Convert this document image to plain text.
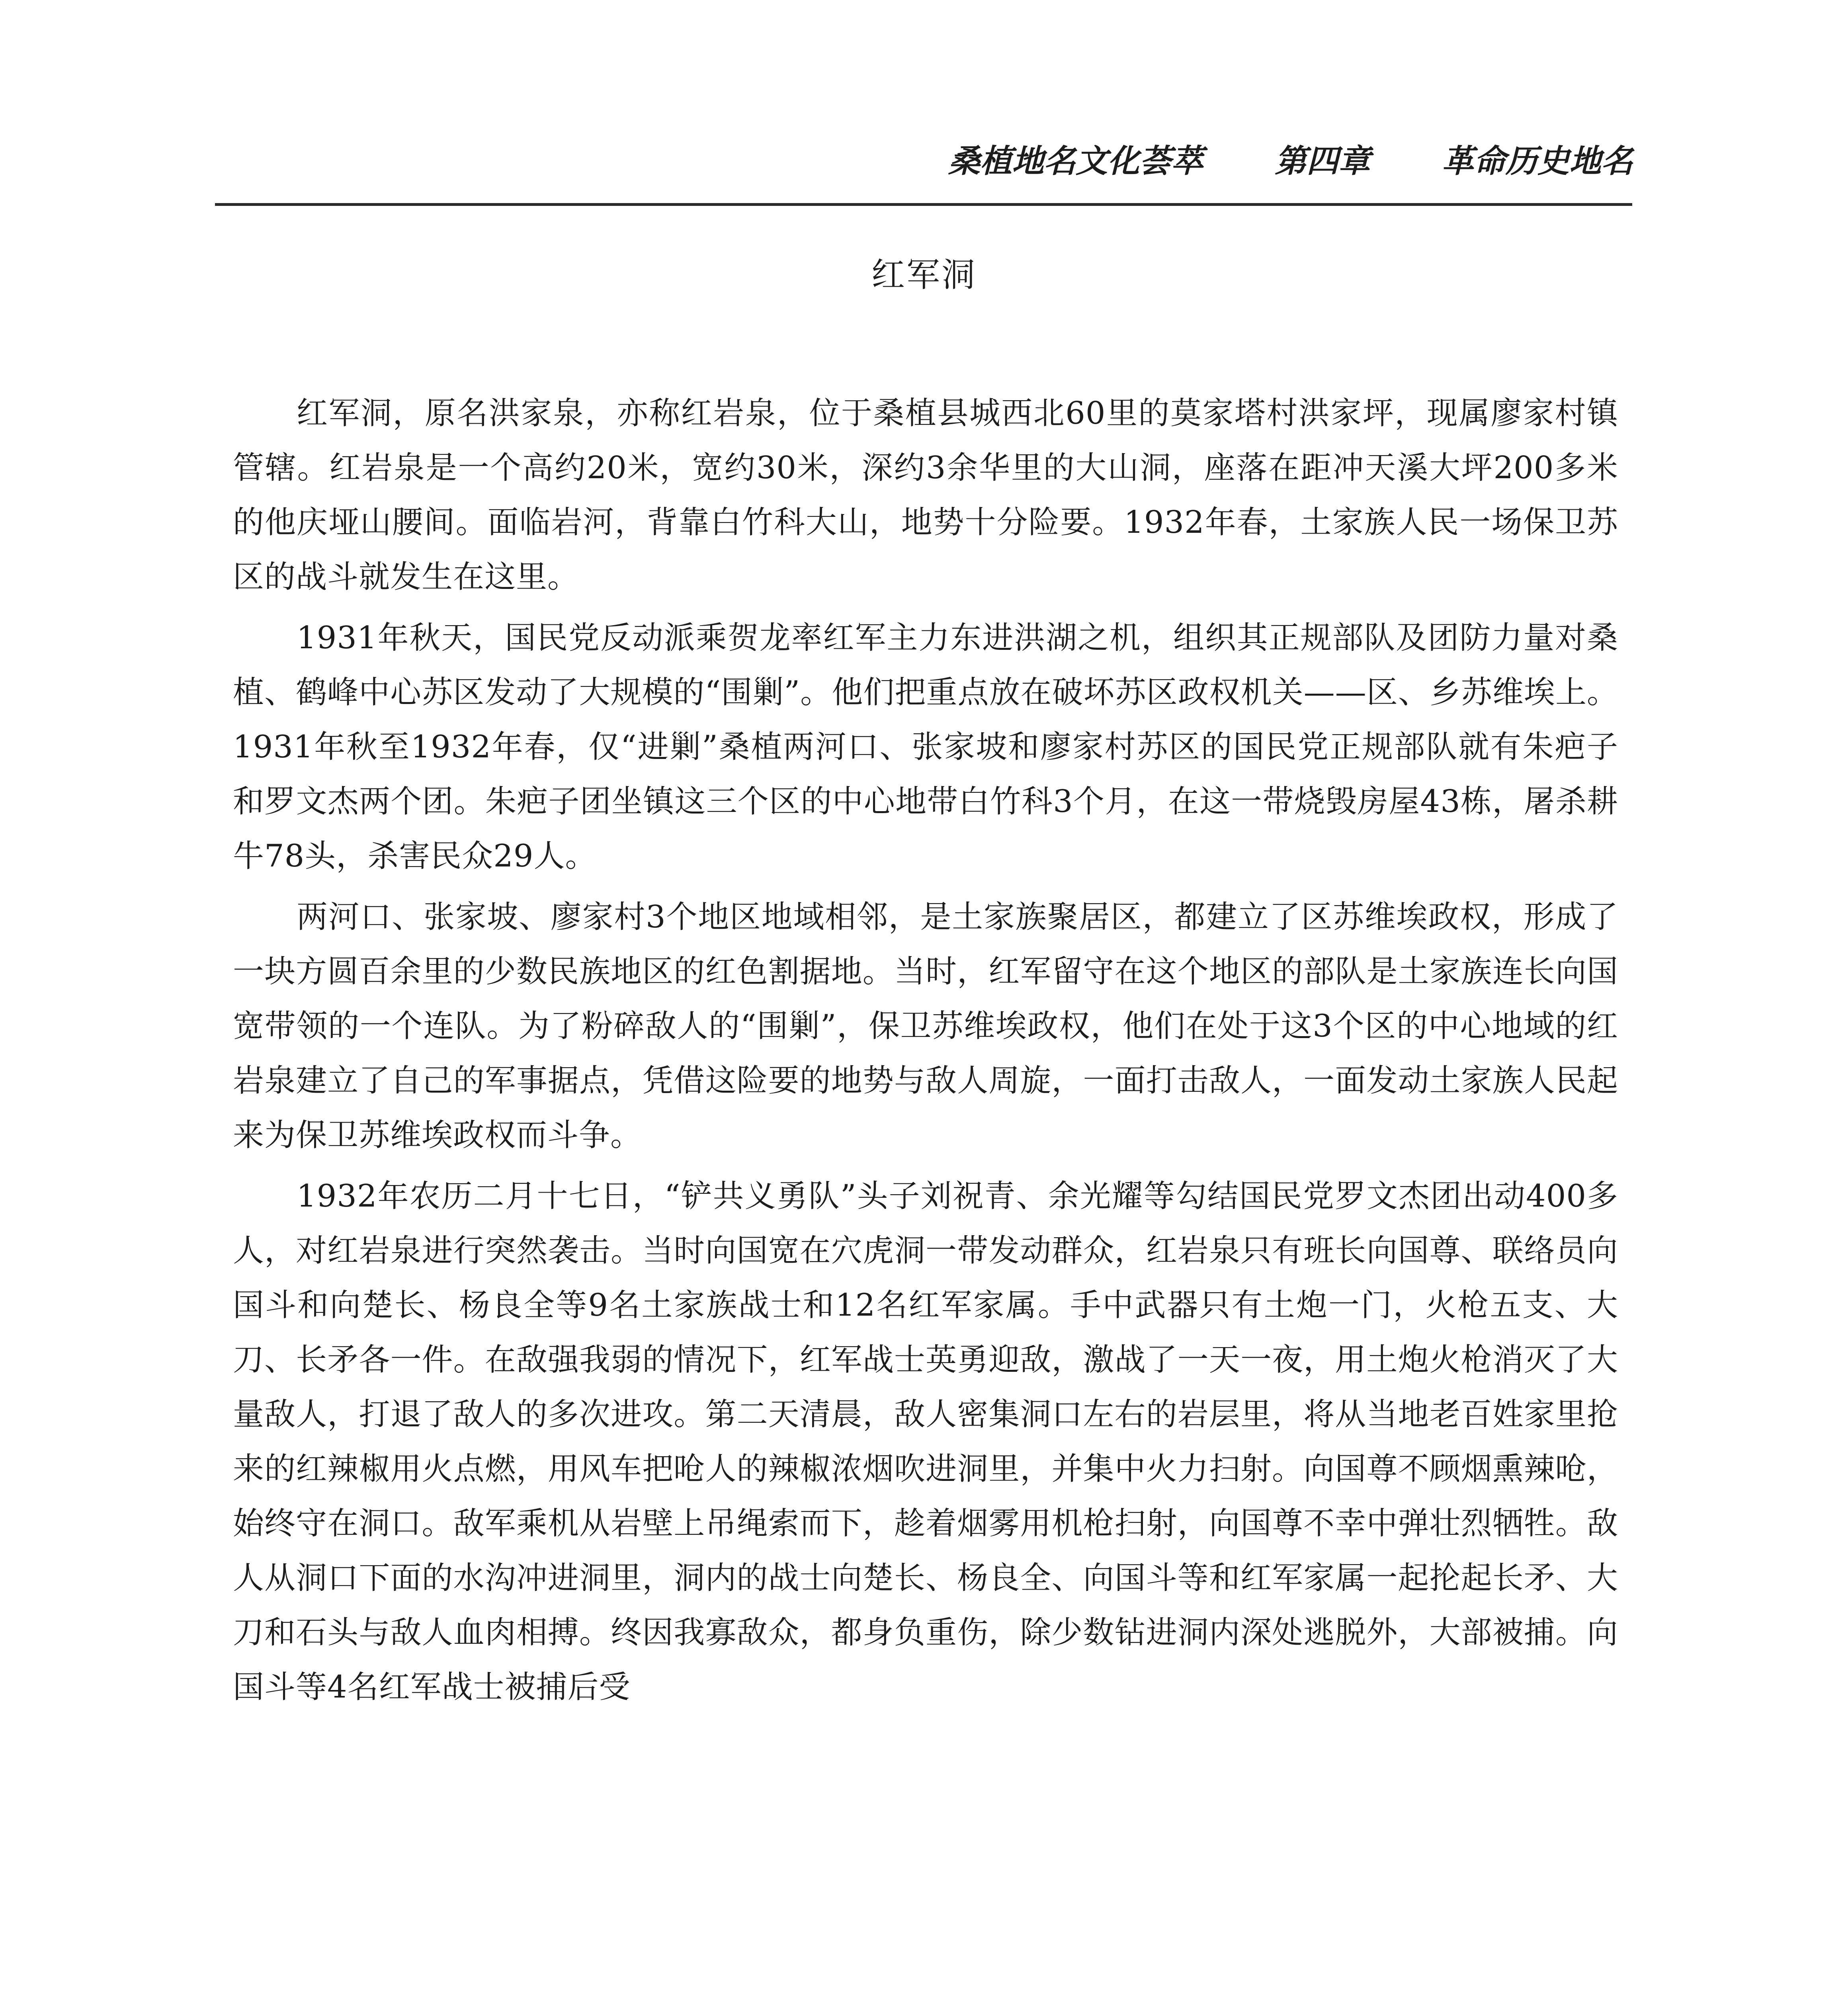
桑植地名文化荟萃 第四章 革命历史地名
红军洞

红军洞，原名洪家泉，亦称红岩泉，位于桑植县城西北60里的莫家塔村洪家坪，现属廖家村镇管辖。红岩泉是一个高约20米，宽约30米，深约3余华里的大山洞，座落在距冲天溪大坪200多米的他庆垭山腰间。面临岩河，背靠白竹科大山，地势十分险要。1932年春，土家族人民一场保卫苏区的战斗就发生在这里。

1931年秋天，国民党反动派乘贺龙率红军主力东进洪湖之机，组织其正规部队及团防力量对桑植、鹤峰中心苏区发动了大规模的“围剿”。他们把重点放在破坏苏区政权机关——区、乡苏维埃上。1931年秋至1932年春，仅“进剿”桑植两河口、张家坡和廖家村苏区的国民党正规部队就有朱疤子和罗文杰两个团。朱疤子团坐镇这三个区的中心地带白竹科3个月，在这一带烧毁房屋43栋，屠杀耕牛78头，杀害民众29人。

两河口、张家坡、廖家村3个地区地域相邻，是土家族聚居区，都建立了区苏维埃政权，形成了一块方圆百余里的少数民族地区的红色割据地。当时，红军留守在这个地区的部队是土家族连长向国宽带领的一个连队。为了粉碎敌人的“围剿”，保卫苏维埃政权，他们在处于这3个区的中心地域的红岩泉建立了自己的军事据点，凭借这险要的地势与敌人周旋，一面打击敌人，一面发动土家族人民起来为保卫苏维埃政权而斗争。

1932年农历二月十七日，“铲共义勇队”头子刘祝青、余光耀等勾结国民党罗文杰团出动400多人，对红岩泉进行突然袭击。当时向国宽在穴虎洞一带发动群众，红岩泉只有班长向国尊、联络员向国斗和向楚长、杨良全等9名土家族战士和12名红军家属。手中武器只有土炮一门，火枪五支、大刀、长矛各一件。在敌强我弱的情况下，红军战士英勇迎敌，激战了一天一夜，用土炮火枪消灭了大量敌人，打退了敌人的多次进攻。第二天清晨，敌人密集洞口左右的岩层里，将从当地老百姓家里抢来的红辣椒用火点燃，用风车把呛人的辣椒浓烟吹进洞里，并集中火力扫射。向国尊不顾烟熏辣呛，始终守在洞口。敌军乘机从岩壁上吊绳索而下，趁着烟雾用机枪扫射，向国尊不幸中弹壮烈牺牲。敌人从洞口下面的水沟冲进洞里，洞内的战士向楚长、杨良全、向国斗等和红军家属一起抡起长矛、大刀和石头与敌人血肉相搏。终因我寡敌众，都身负重伤，除少数钻进洞内深处逃脱外，大部被捕。向国斗等4名红军战士被捕后受
